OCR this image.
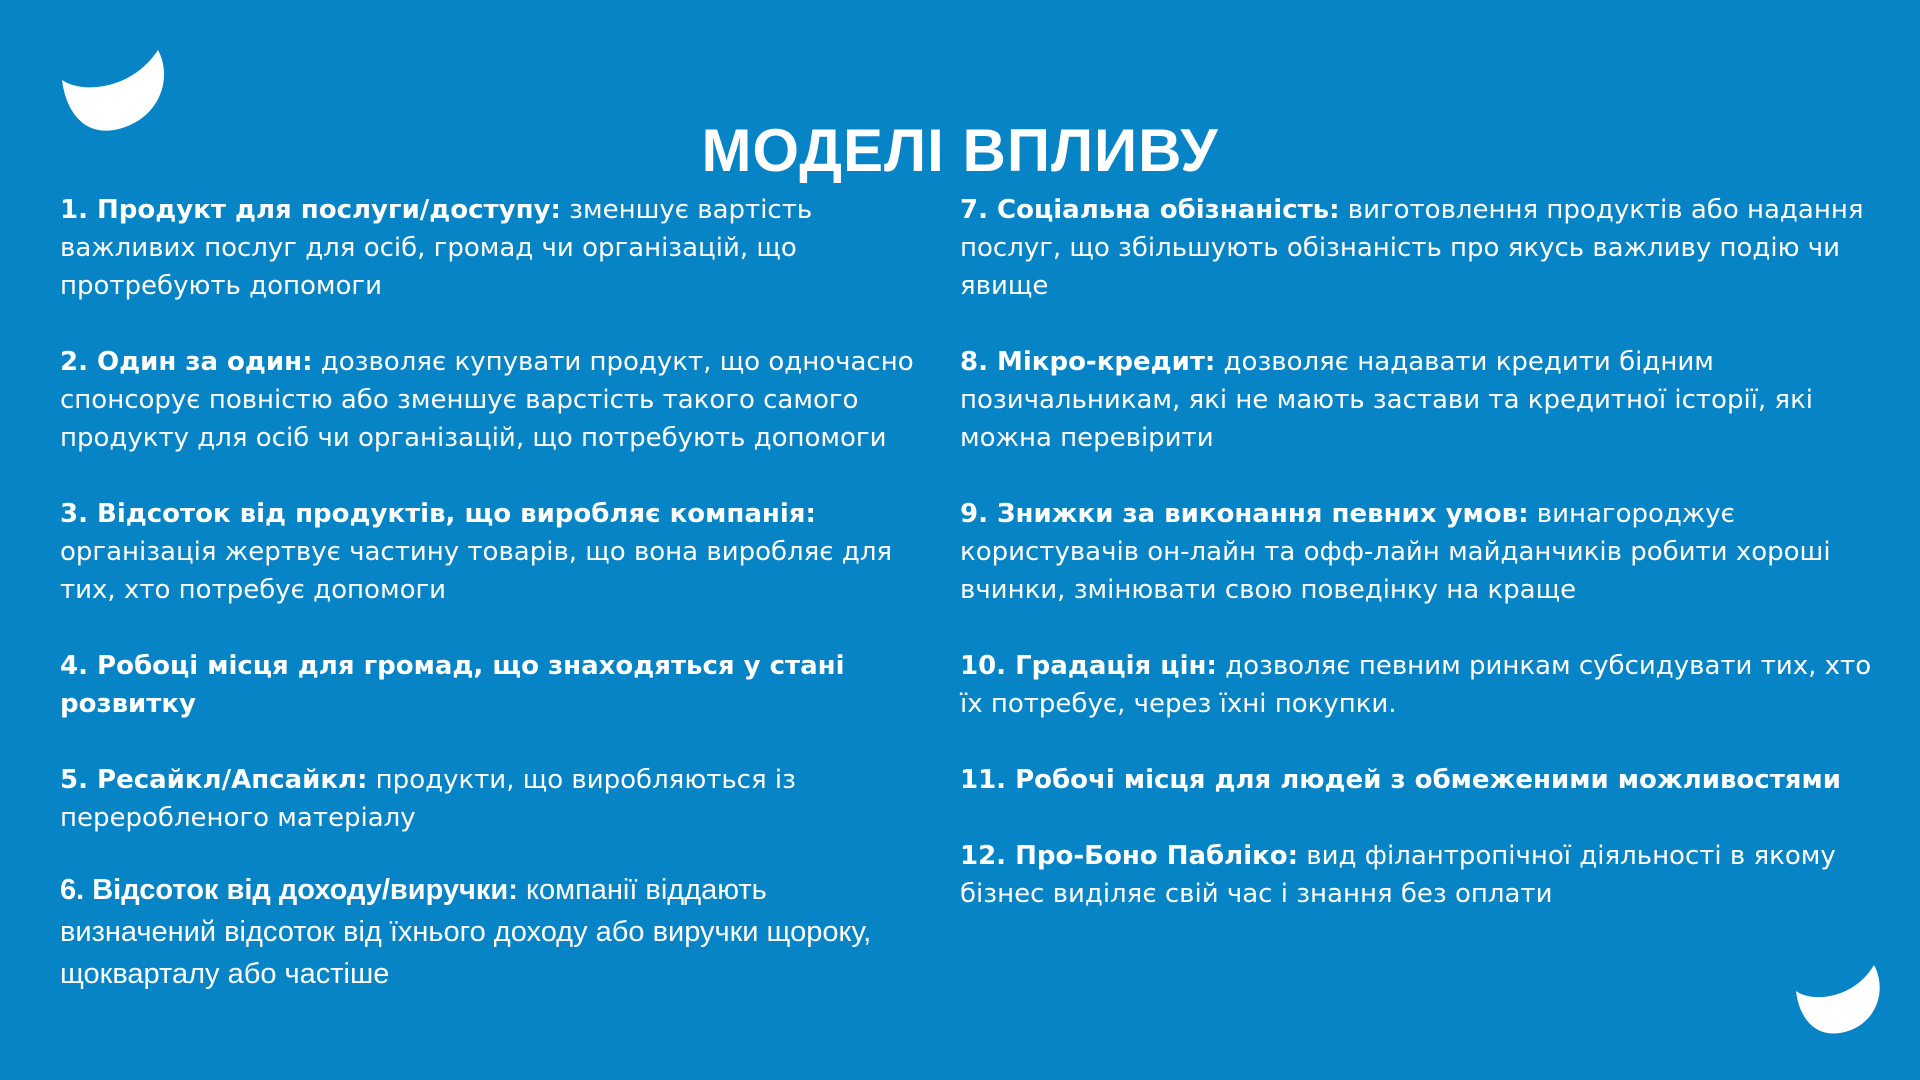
МОДЕЛІ ВПЛИВУ

1. Продукт для послуги/доступу: зменшує вартість важливих послуг для осіб, громад чи організацій, що протребують допомоги

2. Один за один: дозволяє купувати продукт, що одночасно спонсорує повністю або зменшує варстість такого самого продукту для осіб чи організацій, що потребують допомоги

3. Відсоток від продуктів, що виробляє компанія: організація жертвує частину товарів, що вона виробляє для тих, хто потребує допомоги

4. Робоці місця для громад, що знаходяться у стані розвитку

5. Ресайкл/Апсайкл: продукти, що виробляються із переробленого матеріалу

6. Відсоток від доходу/виручки: компанії віддають визначений відсоток від їхнього доходу або виручки щороку, щокварталу або частіше

7. Соціальна обізнаність: виготовлення продуктів або надання послуг, що збільшують обізнаність про якусь важливу подію чи явище

8. Мікро-кредит: дозволяє надавати кредити бідним позичальникам, які не мають застави та кредитної історії, які можна перевірити

9. Знижки за виконання певних умов: винагороджує користувачів он-лайн та офф-лайн майданчиків робити хороші вчинки, змінювати свою поведінку на краще

10. Градація цін: дозволяє певним ринкам субсидувати тих, хто їх потребує, через їхні покупки.

11. Робочі місця для людей з обмеженими можливостями

12. Про-Боно Пабліко: вид філантропічної діяльності в якому бізнес виділяє свій час і знання без оплати
